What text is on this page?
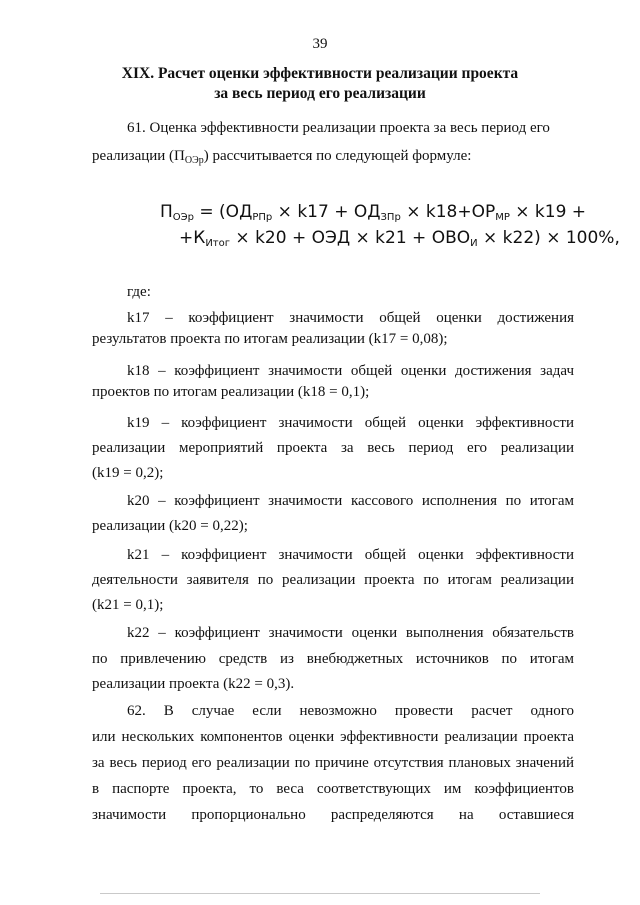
39
XIX. Расчет оценки эффективности реализации проекта
за весь период его реализации
61. Оценка эффективности реализации проекта за весь период его
реализации $(П_{ОЭр})$ рассчитывается по следующей формуле:
$П_{ОЭр} = (ОД_{РПр} \times k17 + ОД_{ЗПр} \times k18+ОР_{МР} \times k19$ +
$+К_{Итог} \times k20$ + ОЭД × $k21 + ОВО_И \times k22) \times 100\%$,
где:
k17 – коэффициент значимости общей оценки достижения
результатов проекта по итогам реализации (k17 = 0,08);
k18 – коэффициент значимости общей оценки достижения задач
проектов по итогам реализации (k18 = 0,1);
k19 – коэффициент значимости общей оценки эффективности
реализации мероприятий проекта за весь период его реализации
(k19 = 0,2);
k20 – коэффициент значимости кассового исполнения по итогам
реализации (k20 = 0,22);
k21 – коэффициент значимости общей оценки эффективности
деятельности заявителя по реализации проекта по итогам реализации
(k21 = 0,1);
k22 – коэффициент значимости оценки выполнения обязательств
по привлечению средств из внебюджетных источников по итогам
реализации проекта (k22 = 0,3).
62. В случае если невозможно провести расчет одного
или нескольких компонентов оценки эффективности реализации проекта
за весь период его реализации по причине отсутствия плановых значений
в паспорте проекта, то веса соответствующих им коэффициентов
значимости пропорционально распределяются на оставшиеся
